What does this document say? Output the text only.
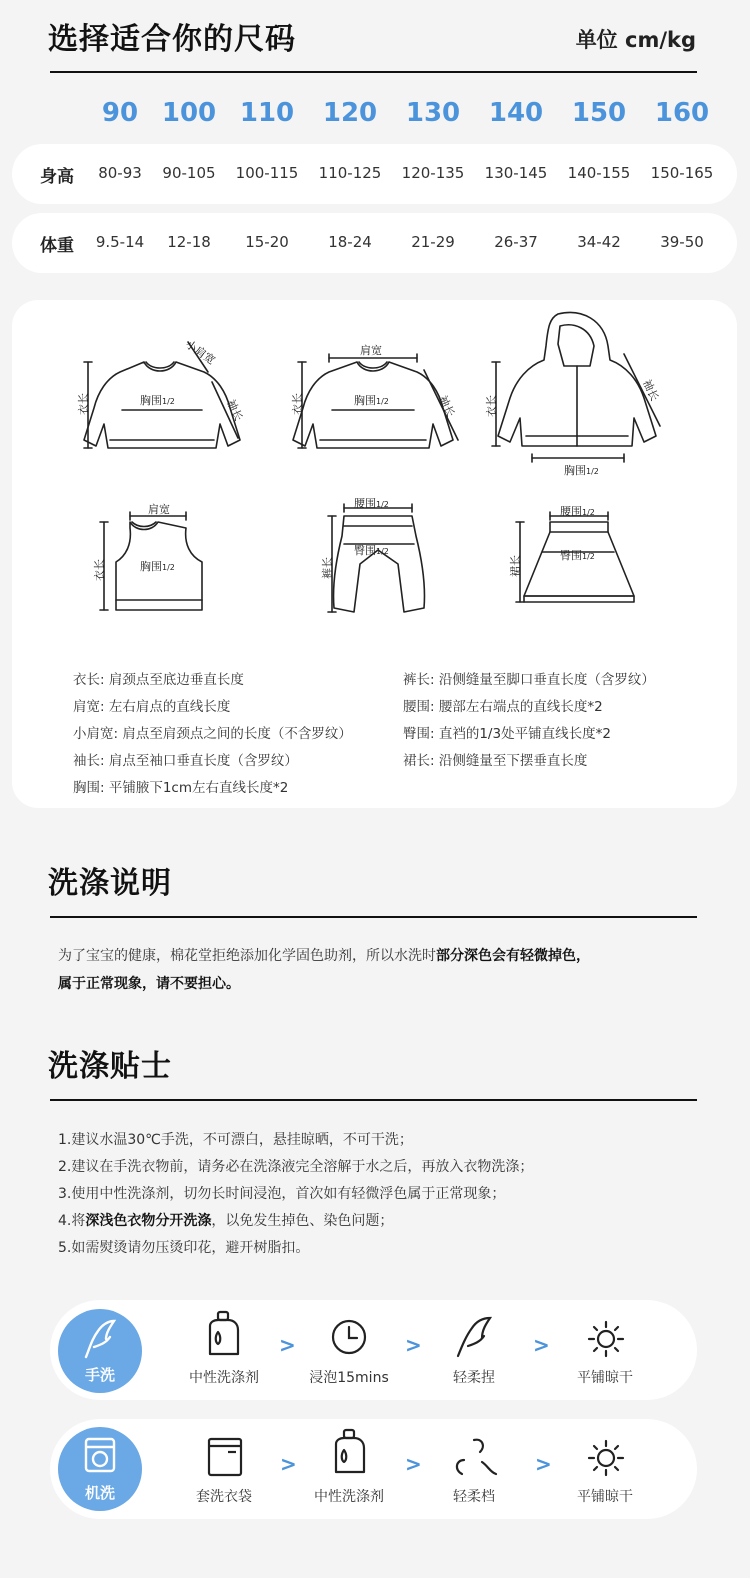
选择适合你的尺码	单位 cm/kg
90 100 110	120	130	140	150	160
身高	80-93	90-105	100-115	110-125	120-135	130-145	140-155	150-165
体重	9.5-14	12-18	15-20	18-24	21-29	26-37	34-42	39-50
小肩宽
衣长	胸围1/2	袖长
肩宽
衣长	胸围1/2	袖长	衣长
袖长
胸围1/2
肩宽
衣长	胸围1/2
腰围1/2
裤长
臀围1/2
腰围1/2
裙长	臀围1/2
衣长: 肩颈点至底边垂直长度
肩宽: 左右肩点的直线长度
小肩宽: 肩点至肩颈点之间的长度（不含罗纹）
袖长: 肩点至袖口垂直长度（含罗纹）
胸围: 平铺腋下1cm左右直线长度*2
裤长: 沿侧缝量至脚口垂直长度（含罗纹）
腰围: 腰部左右端点的直线长度*2
臀围: 直裆的1/3处平铺直线长度*2
裙长: 沿侧缝量至下摆垂直长度
洗涤说明
为了宝宝的健康，棉花堂拒绝添加化学固色助剂，所以水洗时部分深色会有轻微掉色，
属于正常现象，请不要担心。
洗涤贴士
1.建议水温30℃手洗，不可漂白，悬挂晾晒，不可干洗；
2.建议在手洗衣物前，请务必在洗涤液完全溶解于水之后，再放入衣物洗涤；
3.使用中性洗涤剂，切勿长时间浸泡，首次如有轻微浮色属于正常现象；
4.将深浅色衣物分开洗涤，以免发生掉色、染色问题；
5.如需熨烫请勿压烫印花，避开树脂扣。
手洗	中性洗涤剂
>
浸泡15mins
>
轻柔捏
>
平铺晾干
机洗	套洗衣袋
>
中性洗涤剂
>
轻柔档
>
平铺晾干
